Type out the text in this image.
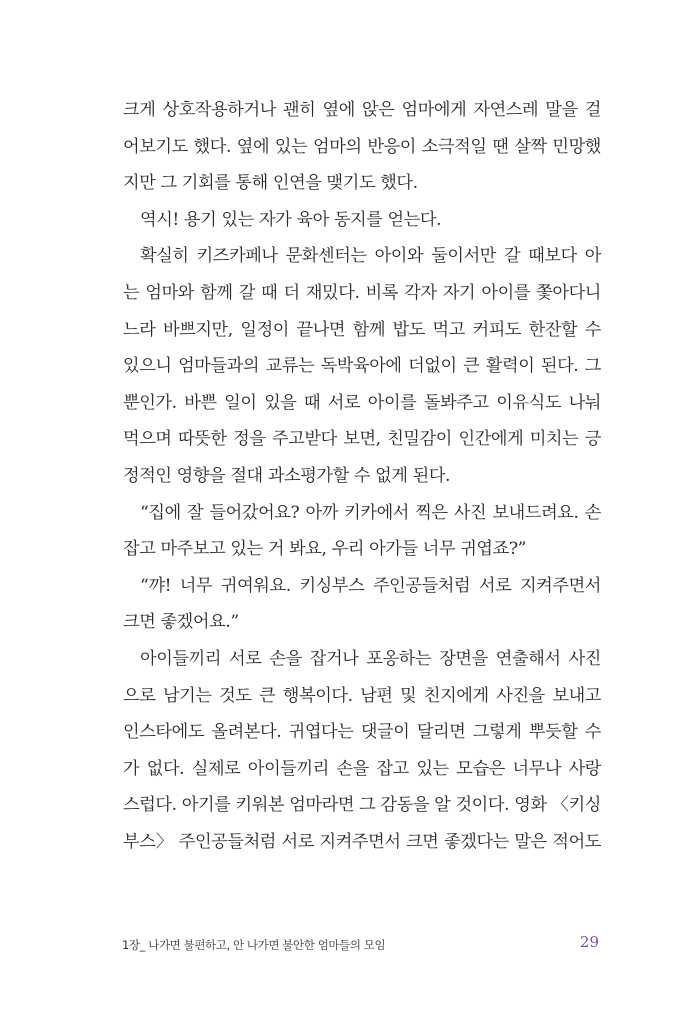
크게 상호작용하거나 괜히 옆에 앉은 엄마에게 자연스레 말을 걸
어보기도 했다. 옆에 있는 엄마의 반응이 소극적일 땐 살짝 민망했
지만 그 기회를 통해 인연을 맺기도 했다.
역시! 용기 있는 자가 육아 동지를 얻는다.
확실히 키즈카페나 문화센터는 아이와 둘이서만 갈 때보다 아
는 엄마와 함께 갈 때 더 재밌다. 비록 각자 자기 아이를 쫓아다니
느라 바쁘지만, 일정이 끝나면 함께 밥도 먹고 커피도 한잔할 수
있으니 엄마들과의 교류는 독박육아에 더없이 큰 활력이 된다. 그
뿐인가. 바쁜 일이 있을 때 서로 아이를 돌봐주고 이유식도 나눠
먹으며 따뜻한 정을 주고받다 보면, 친밀감이 인간에게 미치는 긍
정적인 영향을 절대 과소평가할 수 없게 된다.
“집에 잘 들어갔어요? 아까 키카에서 찍은 사진 보내드려요. 손
잡고 마주보고 있는 거 봐요, 우리 아가들 너무 귀엽죠?”
“꺄! 너무 귀여워요. 키싱부스 주인공들처럼 서로 지켜주면서
크면 좋겠어요.”
아이들끼리 서로 손을 잡거나 포옹하는 장면을 연출해서 사진
으로 남기는 것도 큰 행복이다. 남편 및 친지에게 사진을 보내고
인스타에도 올려본다. 귀엽다는 댓글이 달리면 그렇게 뿌듯할 수
가 없다. 실제로 아이들끼리 손을 잡고 있는 모습은 너무나 사랑
스럽다. 아기를 키워본 엄마라면 그 감동을 알 것이다. 영화 〈키싱
부스〉 주인공들처럼 서로 지켜주면서 크면 좋겠다는 말은 적어도
1장_ 나가면 불편하고, 안 나가면 불안한 엄마들의 모임	29
